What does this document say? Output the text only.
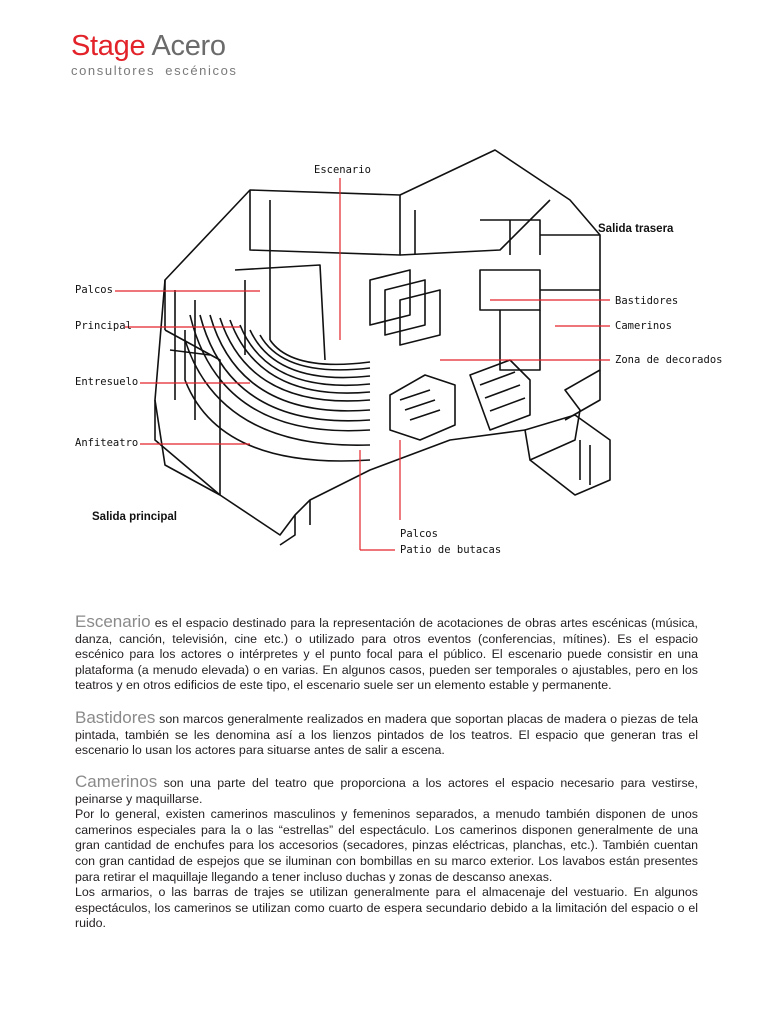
Stage Acero
consultores escénicos
Escenario
Salida trasera
Palcos
Principal
Entresuelo
Anfiteatro
Salida principal
Bastidores
Camerinos
Zona de decorados
Palcos
Patio de butacas
Escenario es el espacio destinado para la representación de acotaciones de obras artes escénicas (música, danza, canción, televisión, cine etc.) o utilizado para otros eventos (conferencias, mítines). Es el espacio escénico para los actores o intérpretes y el punto focal para el público. El escenario puede consistir en una plataforma (a menudo elevada) o en varias. En algunos casos, pueden ser temporales o ajustables, pero en los teatros y en otros edificios de este tipo, el escenario suele ser un elemento estable y permanente.
Bastidores son marcos generalmente realizados en madera que soportan placas de madera o piezas de tela pintada, también se les denomina así a los lienzos pintados de los teatros. El espacio que generan tras el escenario lo usan los actores para situarse antes de salir a escena.

Camerinos son una parte del teatro que proporciona a los actores el espacio necesario para vestirse, peinarse y maquillarse.

Por lo general, existen camerinos masculinos y femeninos separados, a menudo también disponen de unos camerinos especiales para la o las “estrellas” del espectáculo. Los camerinos disponen generalmente de una gran cantidad de enchufes para los accesorios (secadores, pinzas eléctricas, planchas, etc.). También cuentan con gran cantidad de espejos que se iluminan con bombillas en su marco exterior. Los lavabos están presentes para retirar el maquillaje llegando a tener incluso duchas y zonas de descanso anexas.

Los armarios, o las barras de trajes se utilizan generalmente para el almacenaje del vestuario. En algunos espectáculos, los camerinos se utilizan como cuarto de espera secundario debido a la limitación del espacio o el ruido.
